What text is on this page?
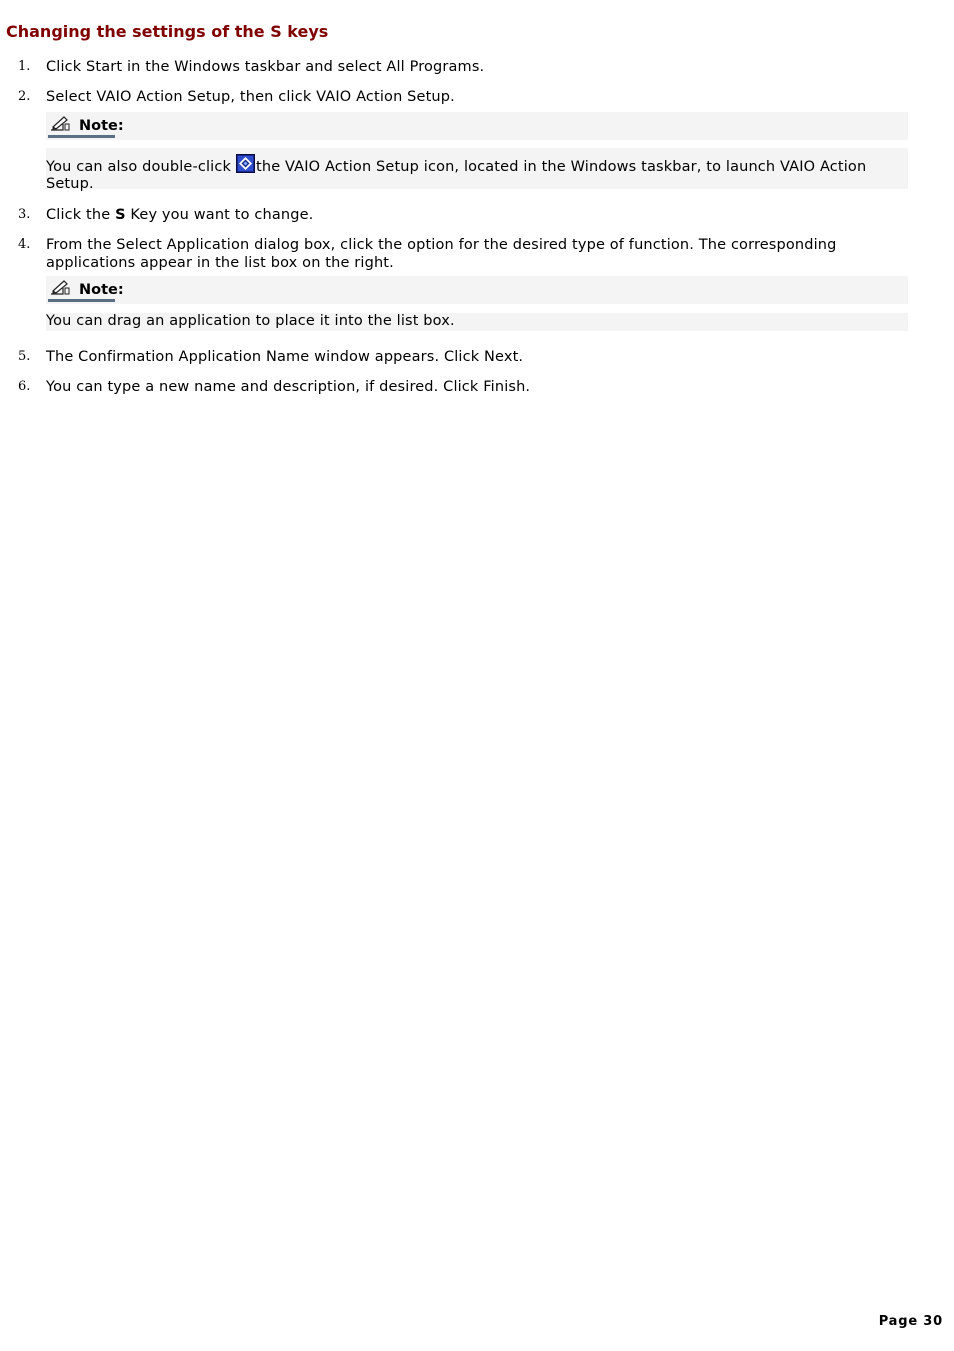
Changing the settings of the S keys
1. Click Start in the Windows taskbar and select All Programs.
2. Select VAIO Action Setup, then click VAIO Action Setup.
Note:
You can also double-click the VAIO Action Setup icon, located in the Windows taskbar, to launch VAIO Action Setup.
3. Click the S Key you want to change.
4. From the Select Application dialog box, click the option for the desired type of function. The corresponding applications appear in the list box on the right.
Note:
You can drag an application to place it into the list box.
5. The Confirmation Application Name window appears. Click Next.
6. You can type a new name and description, if desired. Click Finish.
Page 30
